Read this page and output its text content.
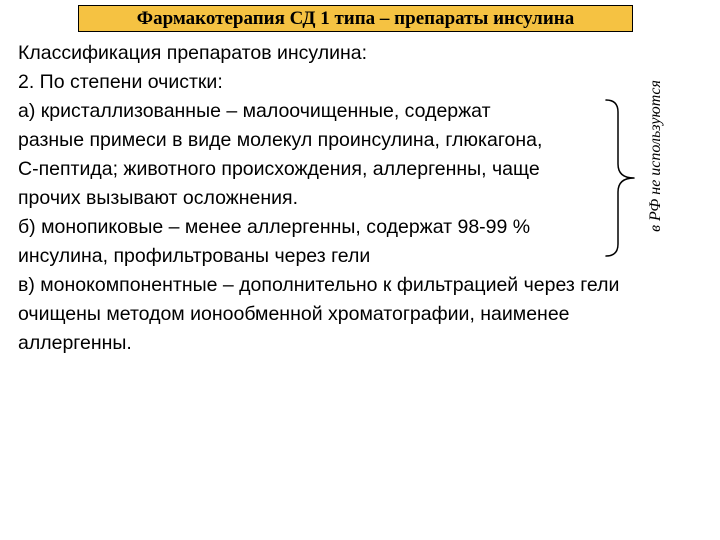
Фармакотерапия СД 1 типа – препараты инсулина
Классификация препаратов инсулина:
2. По степени очистки:
а) кристаллизованные – малоочищенные, содержат
разные примеси в виде молекул проинсулина, глюкагона,
С-пептида; животного происхождения, аллергенны, чаще
прочих вызывают осложнения.
б) монопиковые – менее аллергенны, содержат 98-99 %
инсулина, профильтрованы через гели
в) монокомпонентные – дополнительно к фильтрацией через гели
очищены методом ионообменной хроматографии, наименее
аллергенны.
в РФ не используются
